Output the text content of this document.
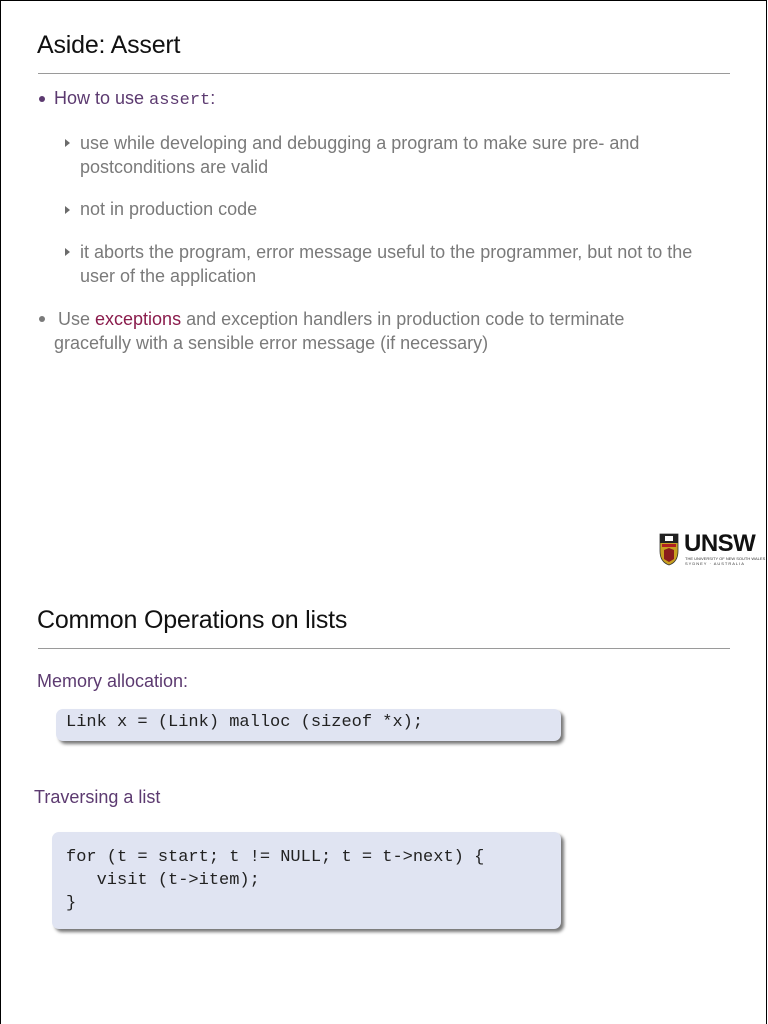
Aside: Assert
How to use assert:
use while developing and debugging a program to make sure pre- and
postconditions are valid
not in production code
it aborts the program, error message useful to the programmer, but not to the
user of the application
Use exceptions and exception handlers in production code to terminate
gracefully with a sensible error message (if necessary)
UNSW
THE UNIVERSITY OF NEW SOUTH WALES
SYDNEY · AUSTRALIA
Common Operations on lists
Memory allocation:
Link x = (Link) malloc (sizeof *x);
Traversing a list
for (t = start; t != NULL; t = t->next) {
visit (t->item);
}
